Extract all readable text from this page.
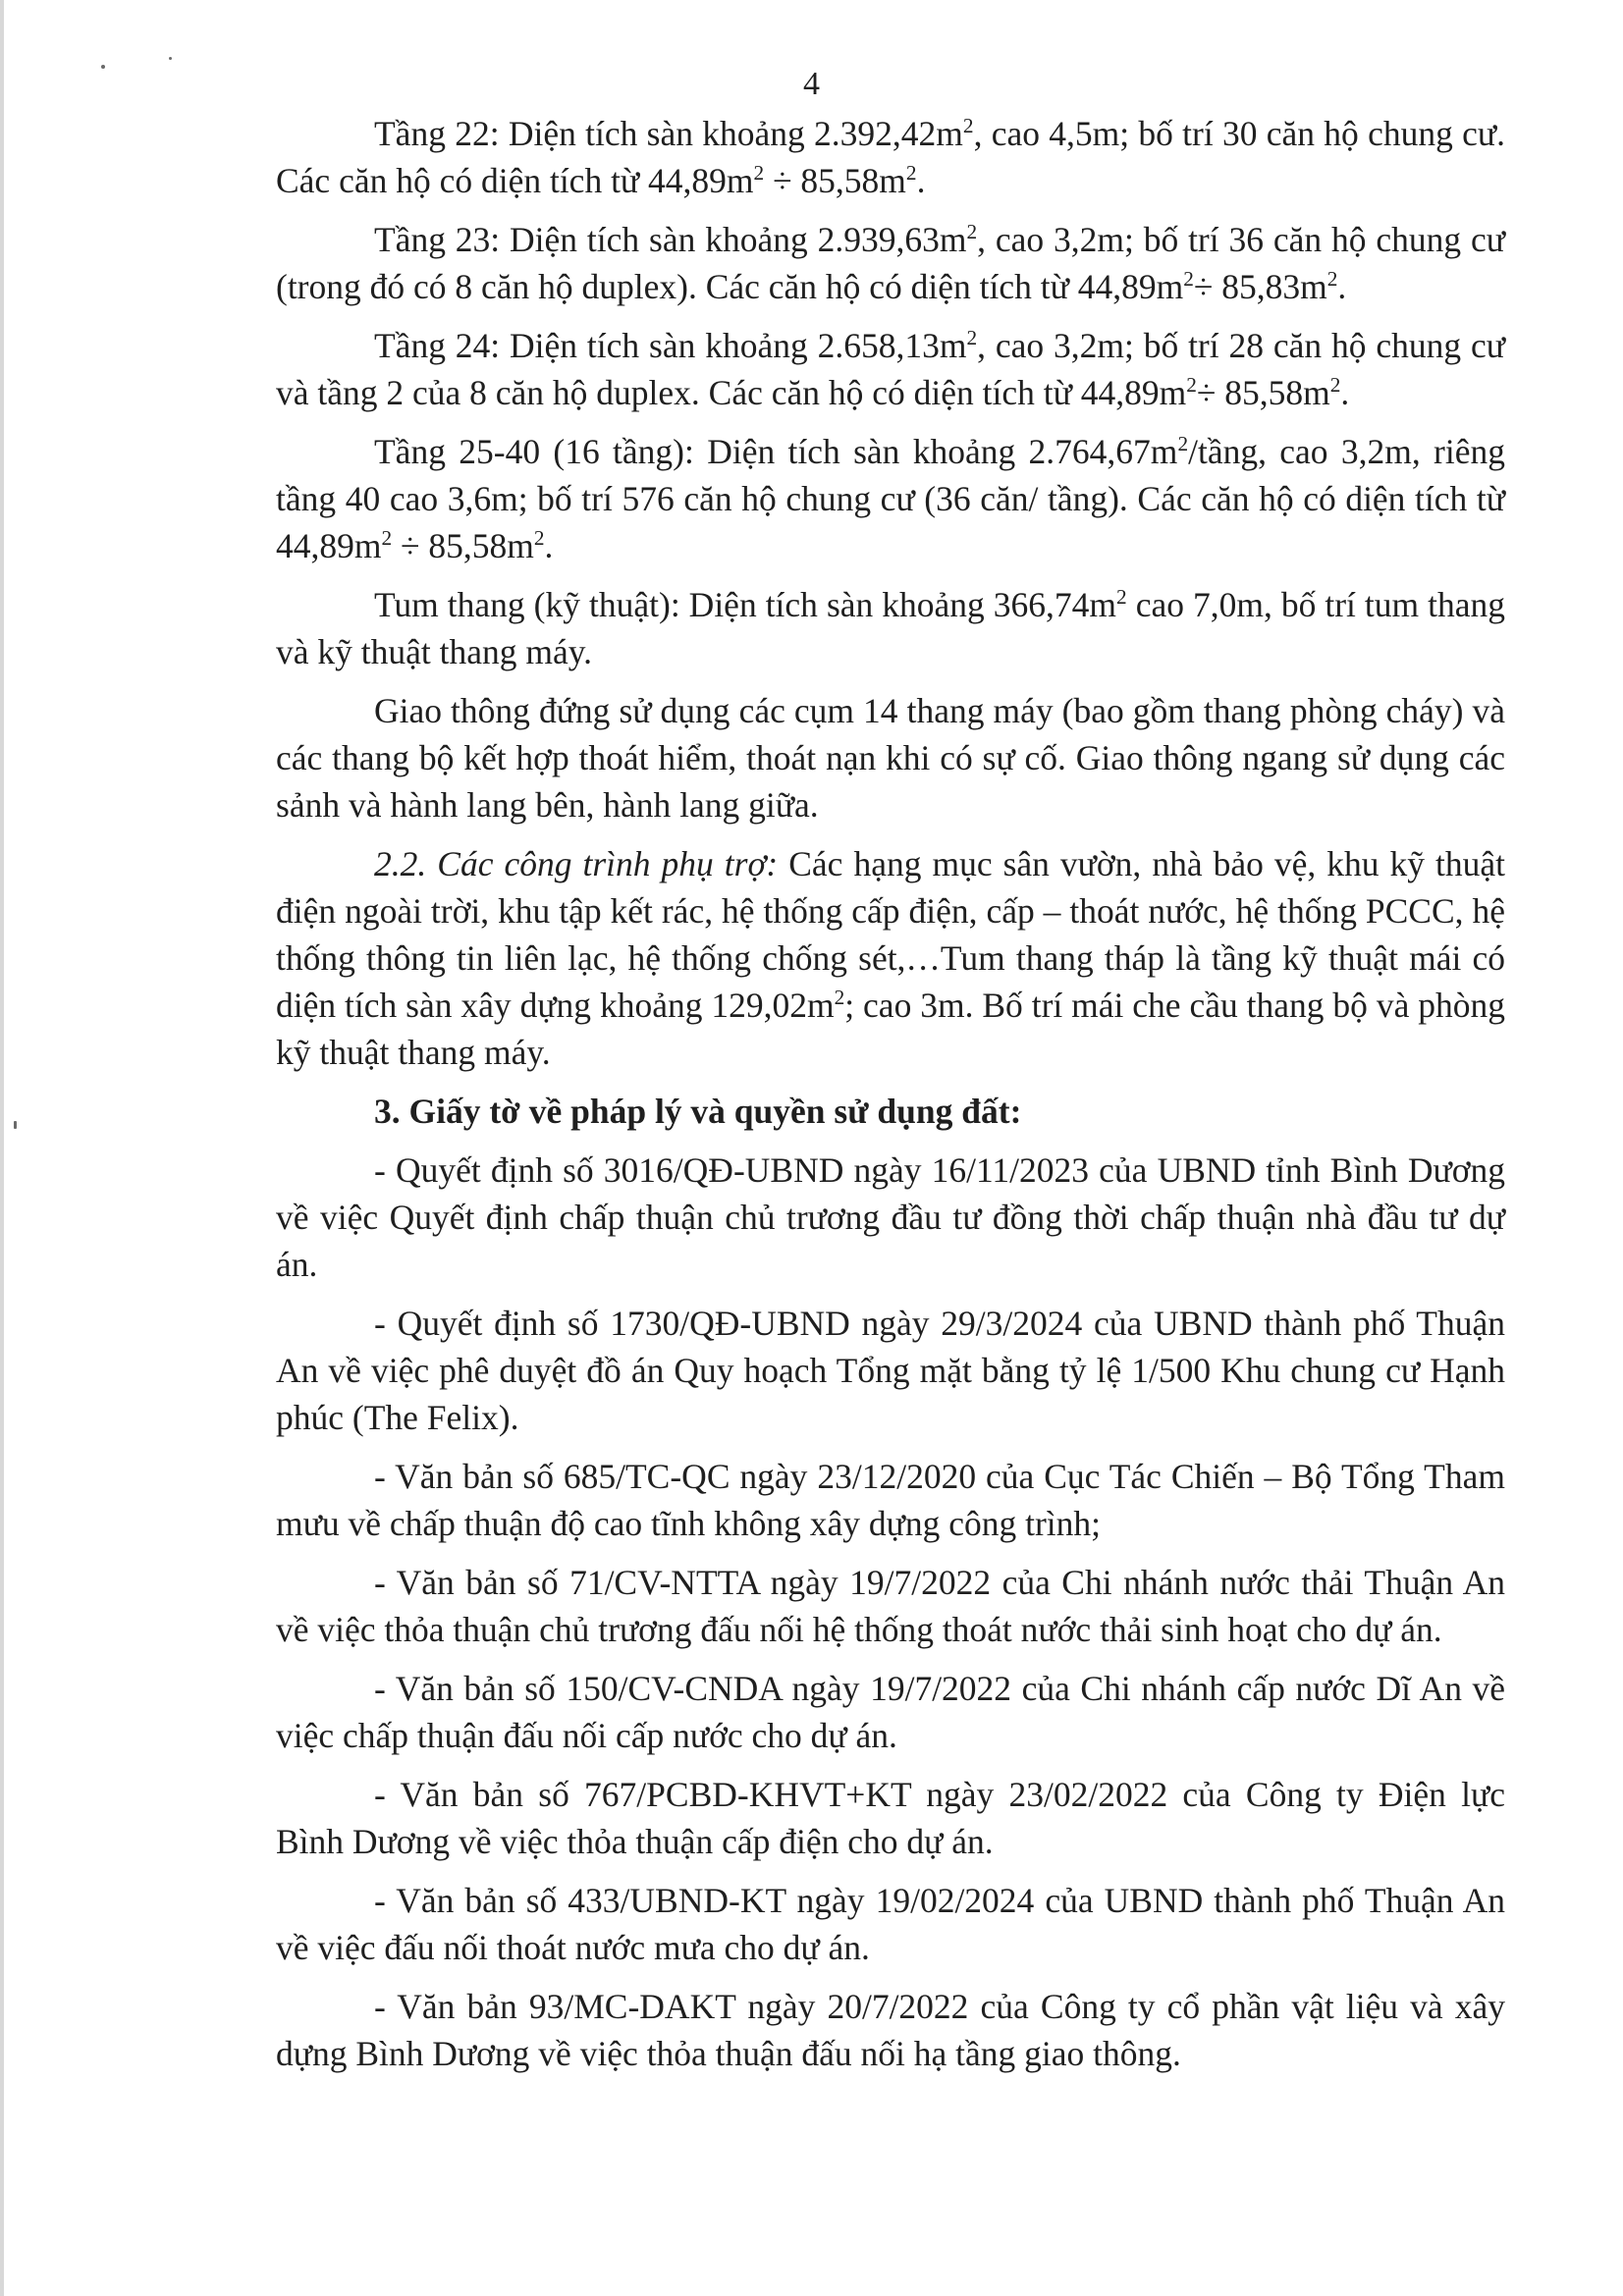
4

Tầng 22: Diện tích sàn khoảng $2.392,42m^2$, cao 4,5m; bố trí 30 căn hộ chung cư. Các căn hộ có diện tích từ $44,89m^2 \div 85,58m^2$.

Tầng 23: Diện tích sàn khoảng $2.939,63m^2$, cao 3,2m; bố trí 36 căn hộ chung cư (trong đó có 8 căn hộ duplex). Các căn hộ có diện tích từ $44,89m^2\div 85,83m^2$.

Tầng 24: Diện tích sàn khoảng $2.658,13m^2$, cao 3,2m; bố trí 28 căn hộ chung cư và tầng 2 của 8 căn hộ duplex. Các căn hộ có diện tích từ $44,89m^2\div 85,58m^2$.

Tầng 25-40 (16 tầng): Diện tích sàn khoảng $2.764,67m^2$/tầng, cao 3,2m, riêng tầng 40 cao 3,6m; bố trí 576 căn hộ chung cư (36 căn/ tầng). Các căn hộ có diện tích từ $44,89m^2 \div 85,58m^2$.

Tum thang (kỹ thuật): Diện tích sàn khoảng $366,74m^2$ cao 7,0m, bố trí tum thang và kỹ thuật thang máy.

Giao thông đứng sử dụng các cụm 14 thang máy (bao gồm thang phòng cháy) và các thang bộ kết hợp thoát hiểm, thoát nạn khi có sự cố. Giao thông ngang sử dụng các sảnh và hành lang bên, hành lang giữa.

2.2. Các công trình phụ trợ: Các hạng mục sân vườn, nhà bảo vệ, khu kỹ thuật điện ngoài trời, khu tập kết rác, hệ thống cấp điện, cấp – thoát nước, hệ thống PCCC, hệ thống thông tin liên lạc, hệ thống chống sét,…Tum thang tháp là tầng kỹ thuật mái có diện tích sàn xây dựng khoảng $129,02m^2$; cao 3m. Bố trí mái che cầu thang bộ và phòng kỹ thuật thang máy.

3. Giấy tờ về pháp lý và quyền sử dụng đất:

- Quyết định số 3016/QĐ-UBND ngày 16/11/2023 của UBND tỉnh Bình Dương về việc Quyết định chấp thuận chủ trương đầu tư đồng thời chấp thuận nhà đầu tư dự án.

- Quyết định số 1730/QĐ-UBND ngày 29/3/2024 của UBND thành phố Thuận An về việc phê duyệt đồ án Quy hoạch Tổng mặt bằng tỷ lệ 1/500 Khu chung cư Hạnh phúc (The Felix).

- Văn bản số 685/TC-QC ngày 23/12/2020 của Cục Tác Chiến – Bộ Tổng Tham mưu về chấp thuận độ cao tĩnh không xây dựng công trình;

- Văn bản số 71/CV-NTTA ngày 19/7/2022 của Chi nhánh nước thải Thuận An về việc thỏa thuận chủ trương đấu nối hệ thống thoát nước thải sinh hoạt cho dự án.

- Văn bản số 150/CV-CNDA ngày 19/7/2022 của Chi nhánh cấp nước Dĩ An về việc chấp thuận đấu nối cấp nước cho dự án.

- Văn bản số 767/PCBD-KHVT+KT ngày 23/02/2022 của Công ty Điện lực Bình Dương về việc thỏa thuận cấp điện cho dự án.

- Văn bản số 433/UBND-KT ngày 19/02/2024 của UBND thành phố Thuận An về việc đấu nối thoát nước mưa cho dự án.

- Văn bản 93/MC-DAKT ngày 20/7/2022 của Công ty cổ phần vật liệu và xây dựng Bình Dương về việc thỏa thuận đấu nối hạ tầng giao thông.
